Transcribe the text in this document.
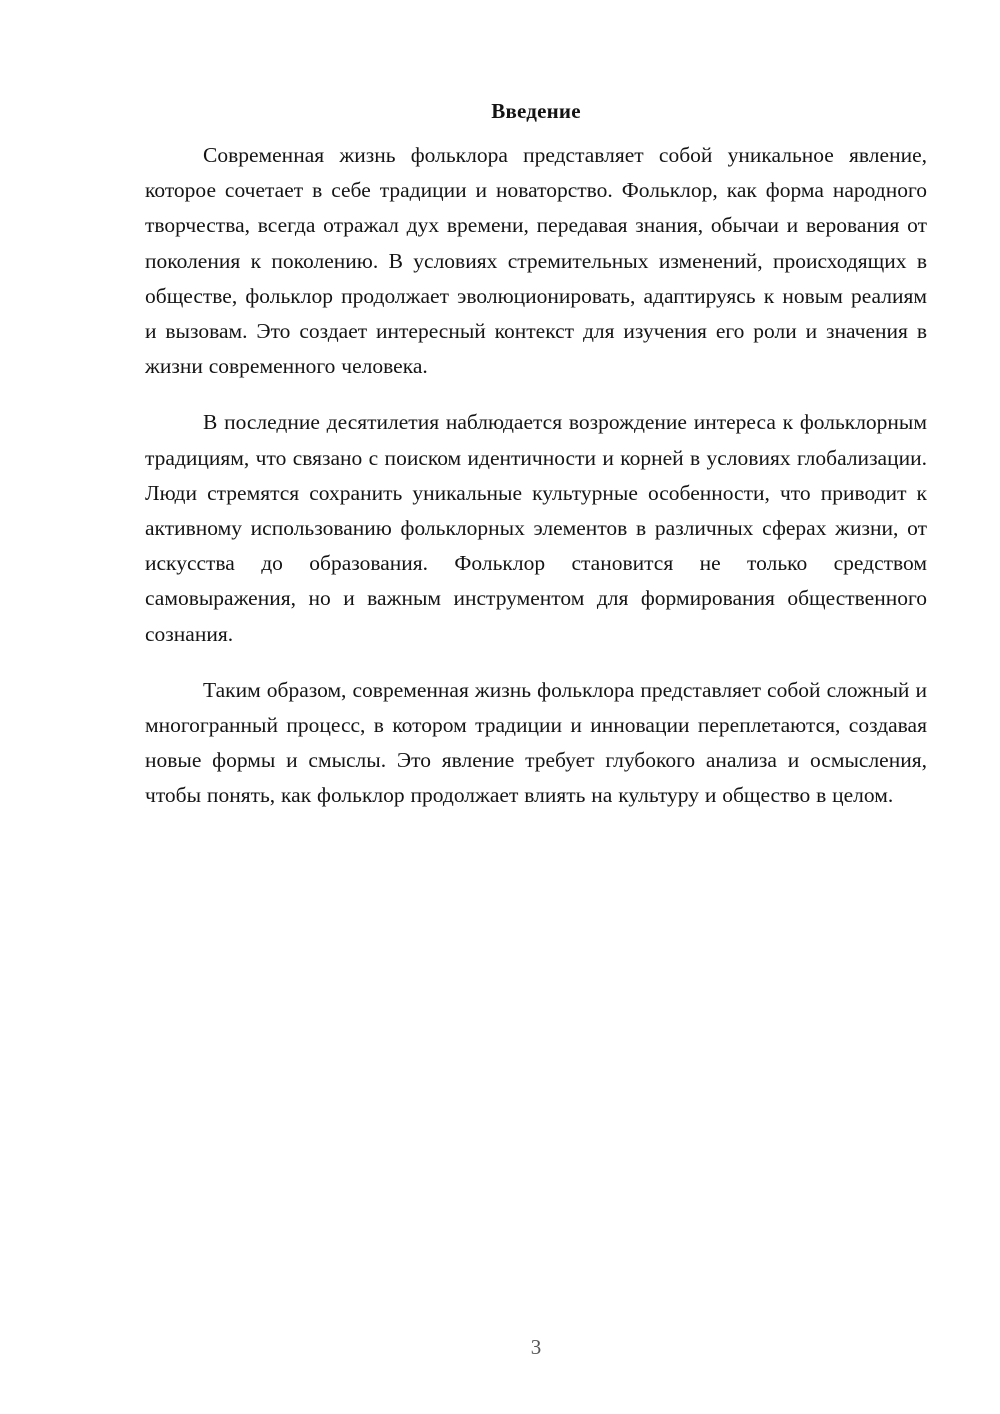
Введение

Современная жизнь фольклора представляет собой уникальное явление, которое сочетает в себе традиции и новаторство. Фольклор, как форма народного творчества, всегда отражал дух времени, передавая знания, обычаи и верования от поколения к поколению. В условиях стремительных изменений, происходящих в обществе, фольклор продолжает эволюционировать, адаптируясь к новым реалиям и вызовам. Это создает интересный контекст для изучения его роли и значения в жизни современного человека.

В последние десятилетия наблюдается возрождение интереса к фольклорным традициям, что связано с поиском идентичности и корней в условиях глобализации. Люди стремятся сохранить уникальные культурные особенности, что приводит к активному использованию фольклорных элементов в различных сферах жизни, от искусства до образования. Фольклор становится не только средством самовыражения, но и важным инструментом для формирования общественного сознания.

Таким образом, современная жизнь фольклора представляет собой сложный и многогранный процесс, в котором традиции и инновации переплетаются, создавая новые формы и смыслы. Это явление требует глубокого анализа и осмысления, чтобы понять, как фольклор продолжает влиять на культуру и общество в целом.

3
